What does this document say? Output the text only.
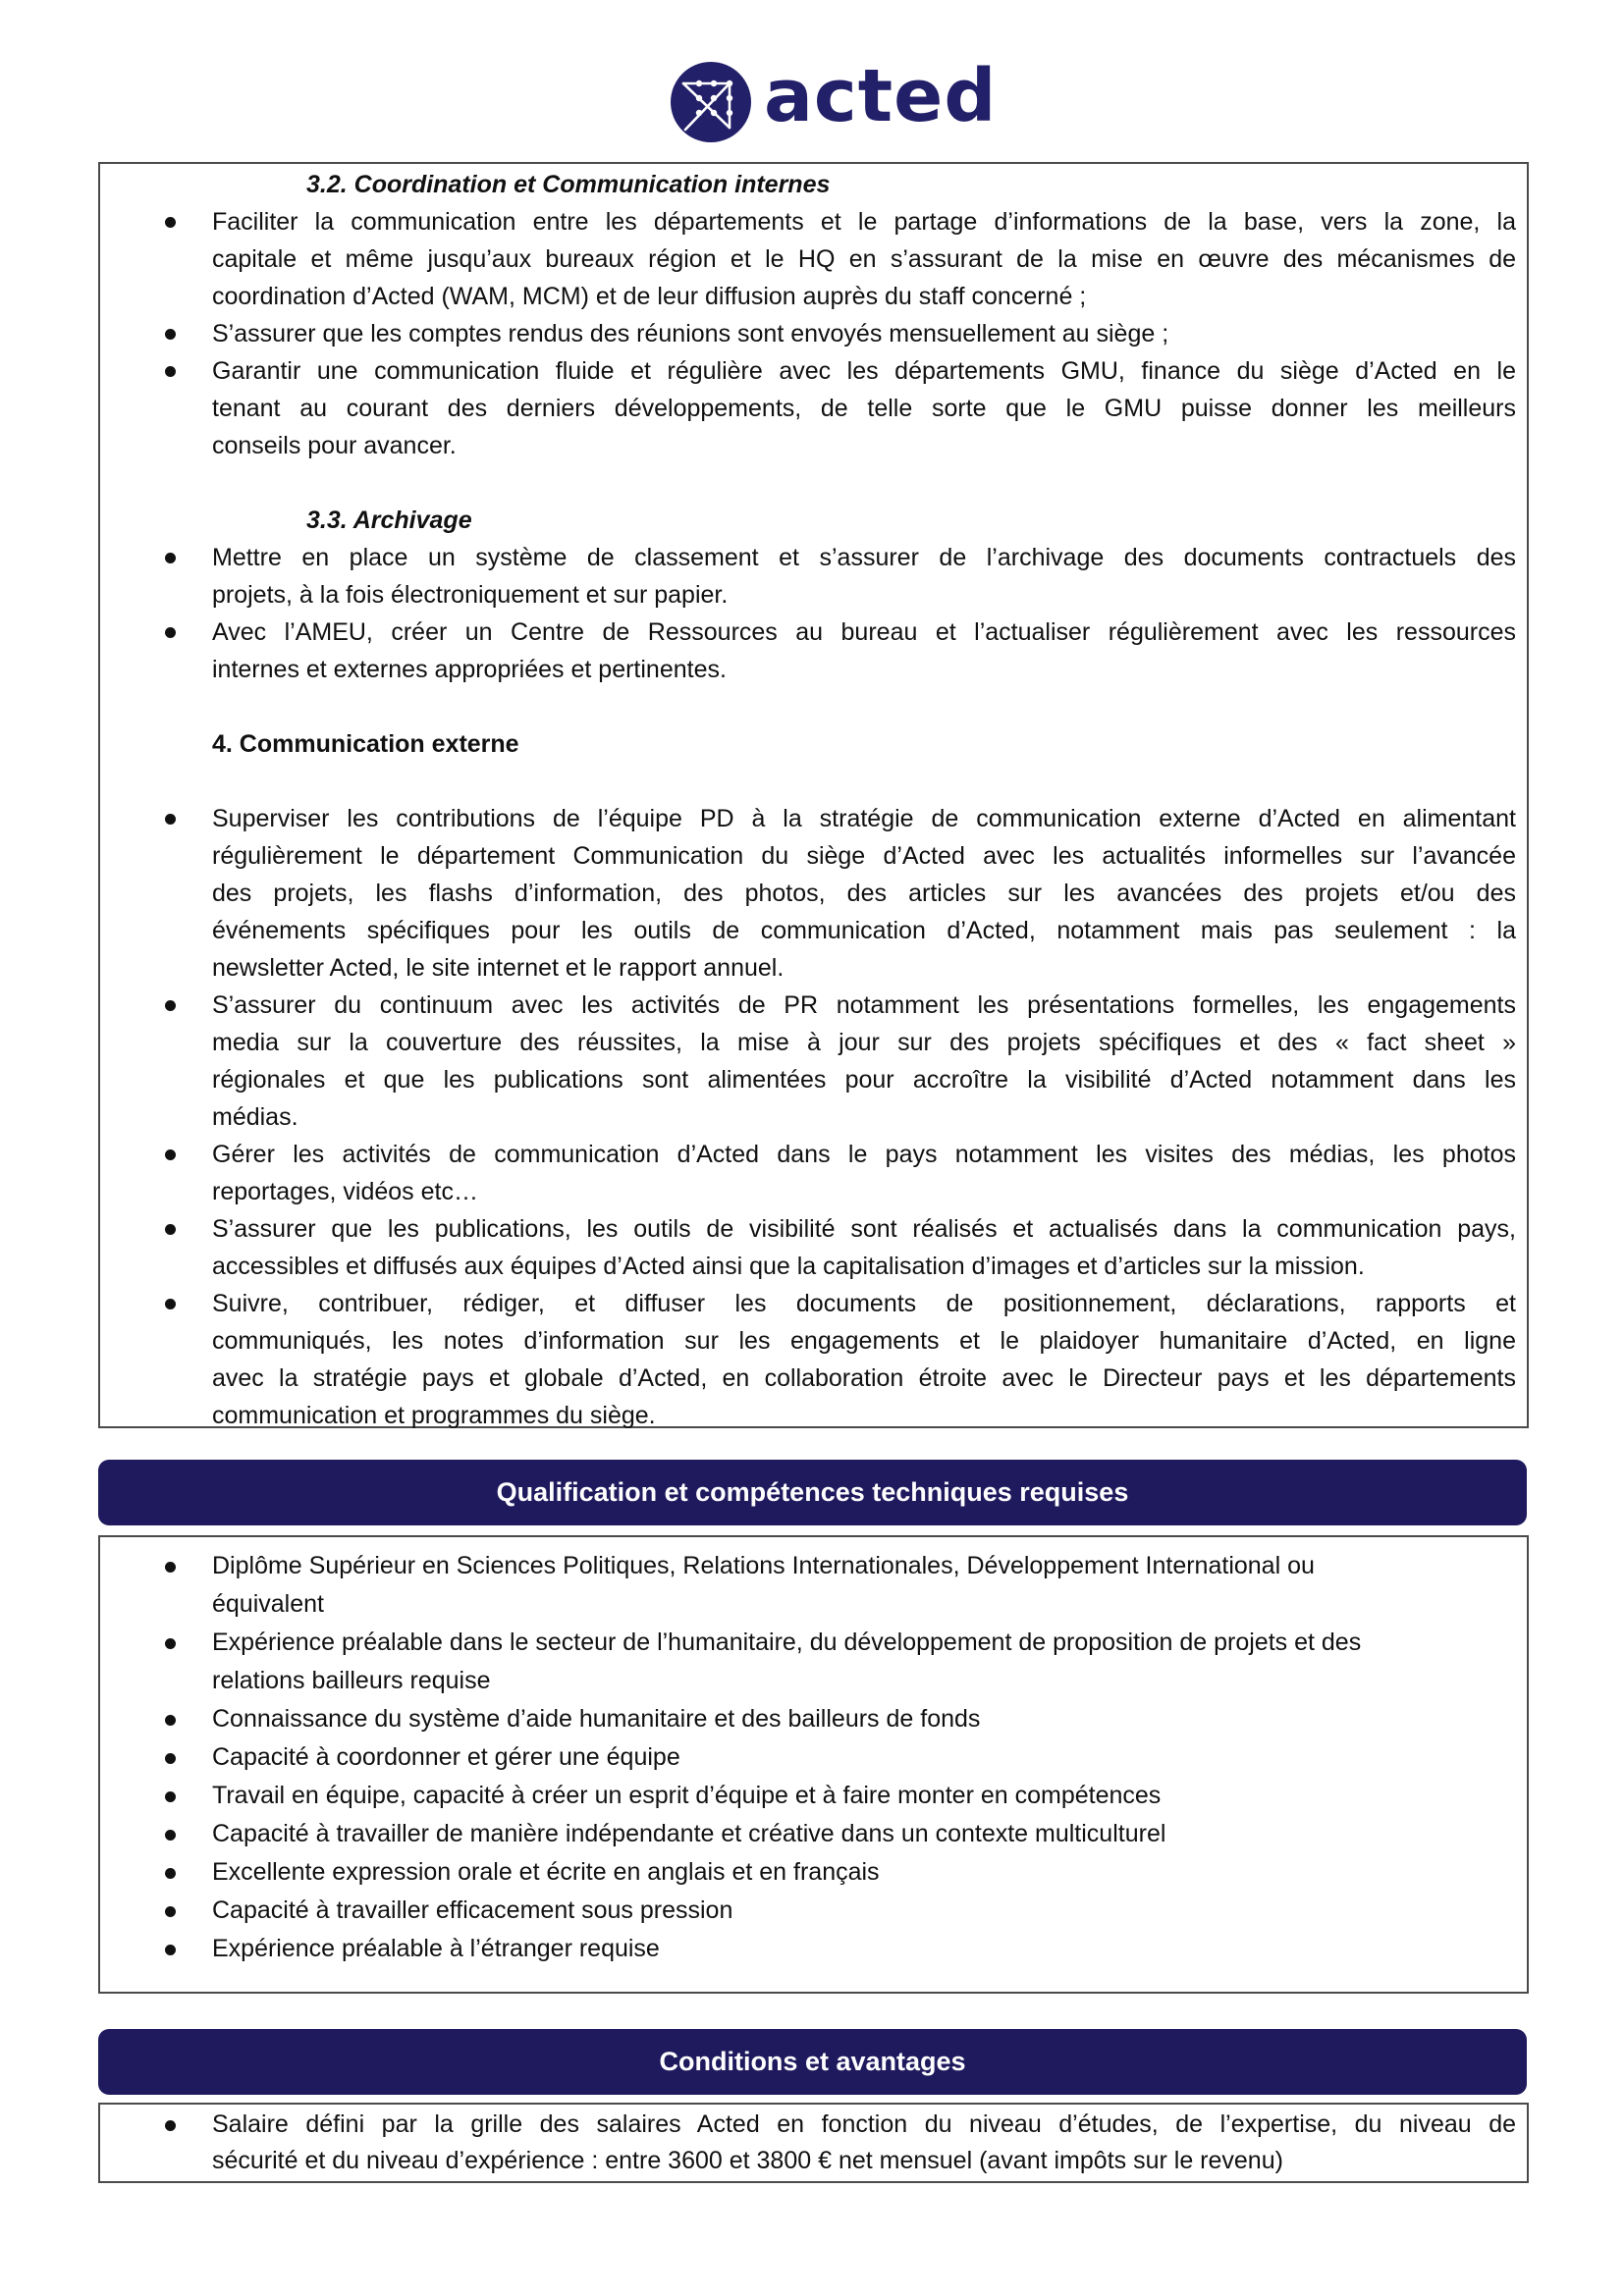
acted
3.2. Coordination et Communication internes
Faciliter la communication entre les départements et le partage d’informations de la base, vers la zone, la
capitale et même jusqu’aux bureaux région et le HQ en s’assurant de la mise en œuvre des mécanismes de
coordination d’Acted (WAM, MCM) et de leur diffusion auprès du staff concerné ;
S’assurer que les comptes rendus des réunions sont envoyés mensuellement au siège ;
Garantir une communication fluide et régulière avec les départements GMU, finance du siège d’Acted en le
tenant au courant des derniers développements, de telle sorte que le GMU puisse donner les meilleurs
conseils pour avancer.
3.3. Archivage
Mettre en place un système de classement et s’assurer de l’archivage des documents contractuels des
projets, à la fois électroniquement et sur papier.
Avec l’AMEU, créer un Centre de Ressources au bureau et l’actualiser régulièrement avec les ressources
internes et externes appropriées et pertinentes.
4. Communication externe
Superviser les contributions de l’équipe PD à la stratégie de communication externe d’Acted en alimentant
régulièrement le département Communication du siège d’Acted avec les actualités informelles sur l’avancée
des projets, les flashs d’information, des photos, des articles sur les avancées des projets et/ou des
événements spécifiques pour les outils de communication d’Acted, notamment mais pas seulement : la
newsletter Acted, le site internet et le rapport annuel.
S’assurer du continuum avec les activités de PR notamment les présentations formelles, les engagements
media sur la couverture des réussites, la mise à jour sur des projets spécifiques et des « fact sheet »
régionales et que les publications sont alimentées pour accroître la visibilité d’Acted notamment dans les
médias.
Gérer les activités de communication d’Acted dans le pays notamment les visites des médias, les photos
reportages, vidéos etc…
S’assurer que les publications, les outils de visibilité sont réalisés et actualisés dans la communication pays,
accessibles et diffusés aux équipes d’Acted ainsi que la capitalisation d’images et d’articles sur la mission.
Suivre, contribuer, rédiger, et diffuser les documents de positionnement, déclarations, rapports et
communiqués, les notes d’information sur les engagements et le plaidoyer humanitaire d’Acted, en ligne
avec la stratégie pays et globale d’Acted, en collaboration étroite avec le Directeur pays et les départements
communication et programmes du siège.
Qualification et compétences techniques requises
Diplôme Supérieur en Sciences Politiques, Relations Internationales, Développement International ou
équivalent
Expérience préalable dans le secteur de l’humanitaire, du développement de proposition de projets et des
relations bailleurs requise
Connaissance du système d’aide humanitaire et des bailleurs de fonds
Capacité à coordonner et gérer une équipe
Travail en équipe, capacité à créer un esprit d’équipe et à faire monter en compétences
Capacité à travailler de manière indépendante et créative dans un contexte multiculturel
Excellente expression orale et écrite en anglais et en français
Capacité à travailler efficacement sous pression
Expérience préalable à l’étranger requise
Conditions et avantages
Salaire défini par la grille des salaires Acted en fonction du niveau d’études, de l’expertise, du niveau de
sécurité et du niveau d’expérience : entre 3600 et 3800 € net mensuel (avant impôts sur le revenu)
